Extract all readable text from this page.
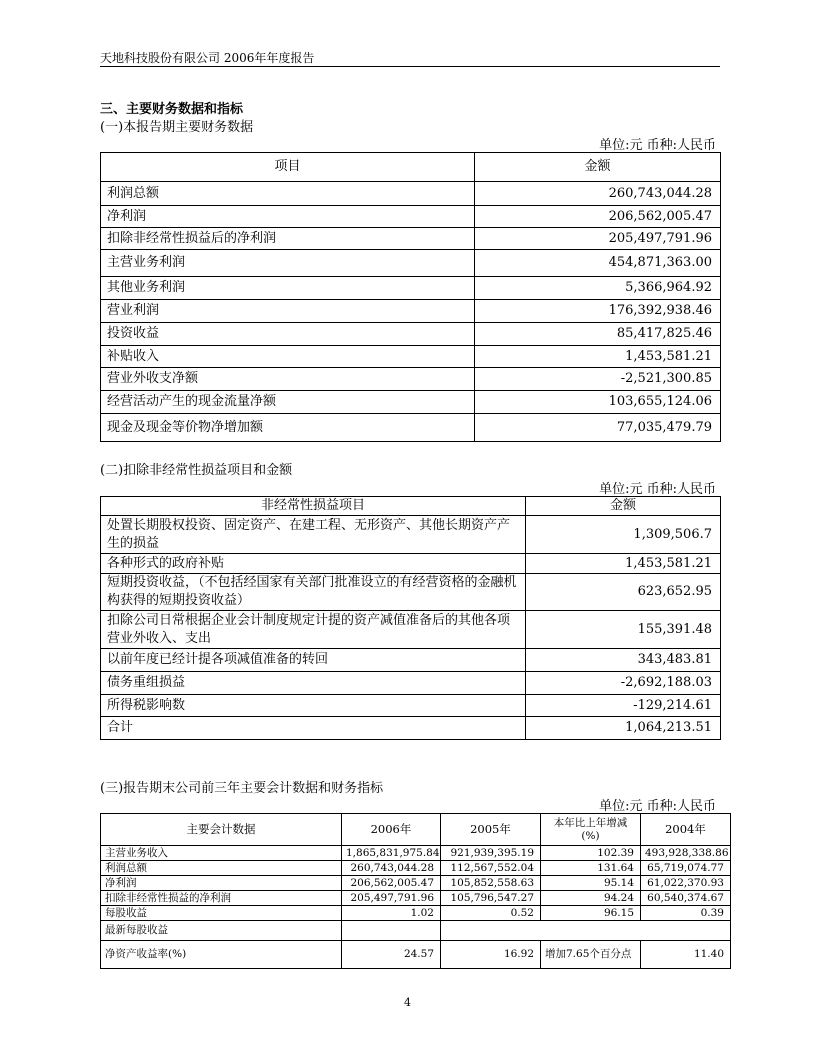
天地科技股份有限公司 2006年年度报告
三、主要财务数据和指标
(一)本报告期主要财务数据
单位:元 币种:人民币
项目	金额
利润总额	260,743,044.28
净利润	206,562,005.47
扣除非经常性损益后的净利润	205,497,791.96
主营业务利润	454,871,363.00
其他业务利润	5,366,964.92
营业利润	176,392,938.46
投资收益	85,417,825.46
补贴收入	1,453,581.21
营业外收支净额	-2,521,300.85
经营活动产生的现金流量净额	103,655,124.06
现金及现金等价物净增加额	77,035,479.79
(二)扣除非经常性损益项目和金额
单位:元 币种:人民币
非经常性损益项目	金额
处置长期股权投资、固定资产、在建工程、无形资产、其他长期资产产生的损益	1,309,506.7
各种形式的政府补贴	1,453,581.21
短期投资收益，（不包括经国家有关部门批准设立的有经营资格的金融机构获得的短期投资收益）	623,652.95
扣除公司日常根据企业会计制度规定计提的资产减值准备后的其他各项营业外收入、支出	155,391.48
以前年度已经计提各项减值准备的转回	343,483.81
债务重组损益	-2,692,188.03
所得税影响数	-129,214.61
合计	1,064,213.51
(三)报告期末公司前三年主要会计数据和财务指标
单位:元 币种:人民币
主要会计数据	2006年	2005年	本年比上年增减(%)	2004年
主营业务收入	1,865,831,975.84	921,939,395.19	102.39	493,928,338.86
利润总额	260,743,044.28	112,567,552.04	131.64	65,719,074.77
净利润	206,562,005.47	105,852,558.63	95.14	61,022,370.93
扣除非经常性损益的净利润	205,497,791.96	105,796,547.27	94.24	60,540,374.67
每股收益	1.02	0.52	96.15	0.39
最新每股收益				
净资产收益率(%)	24.57	16.92	增加7.65个百分点	11.40
4
